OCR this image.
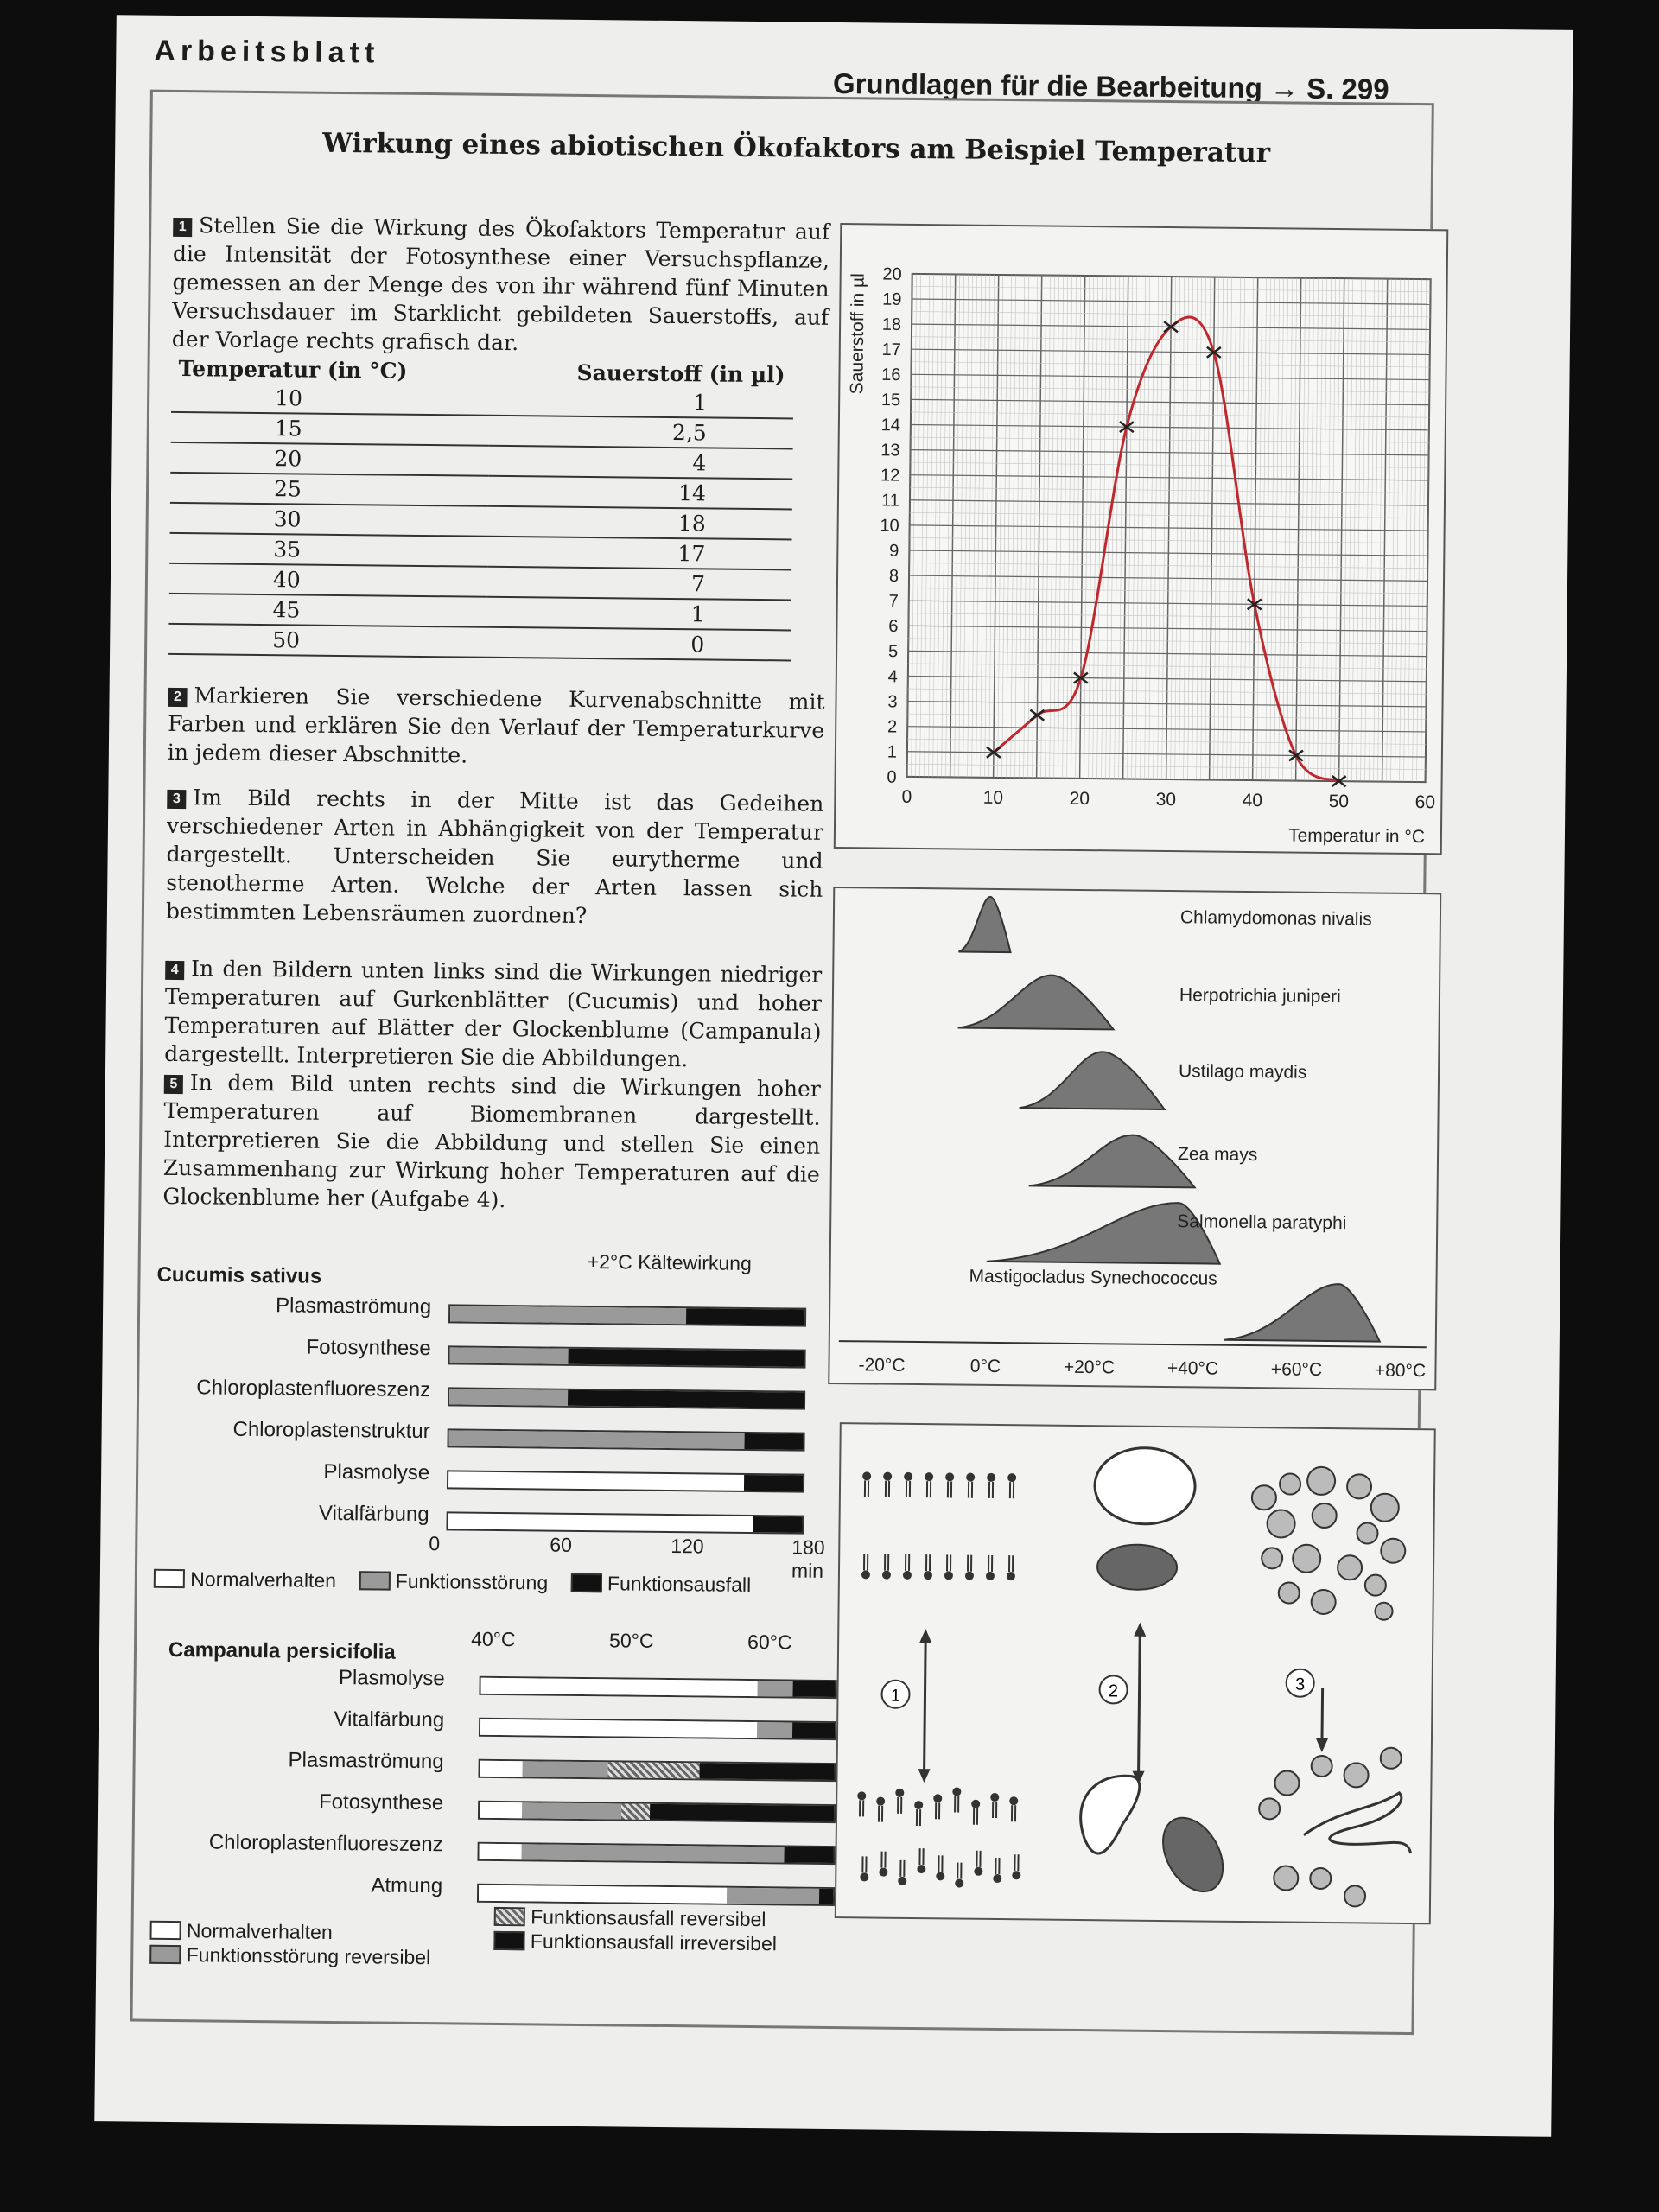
Arbeitsblatt
Grundlagen für die Bearbeitung → S. 299
Wirkung eines abiotischen Ökofaktors am Beispiel Temperatur
1 Stellen Sie die Wirkung des Ökofaktors Temperatur auf die Intensität der Fotosynthese einer Versuchspflanze, gemessen an der Menge des von ihr während fünf Minuten Versuchsdauer im Starklicht gebildeten Sauerstoffs, auf der Vorlage rechts grafisch dar.
Temperatur (in °C)	Sauerstoff (in µl)
10	1
15	2,5
20	4
25	14
30	18
35	17
40	7
45	1
50	0
2 Markieren Sie verschiedene Kurvenabschnitte mit Farben und erklären Sie den Verlauf der Temperaturkurve in jedem dieser Abschnitte.
3 Im Bild rechts in der Mitte ist das Gedeihen verschiedener Arten in Abhängigkeit von der Temperatur dargestellt. Unterscheiden Sie eurytherme und stenotherme Arten. Welche der Arten lassen sich bestimmten Lebensräumen zuordnen?
4 In den Bildern unten links sind die Wirkungen niedriger Temperaturen auf Gurkenblätter (Cucumis) und hoher Temperaturen auf Blätter der Glockenblume (Campanula) dargestellt. Interpretieren Sie die Abbildungen.
5 In dem Bild unten rechts sind die Wirkungen hoher Temperaturen auf Biomembranen dargestellt. Interpretieren Sie die Abbildung und stellen Sie einen Zusammenhang zur Wirkung hoher Temperaturen auf die Glockenblume her (Aufgabe 4).
0
1
2
3
4
5
6
7
8
9
10
11
12
13
14
15
16
17
18
19
20
0	10	20	30	40	50	60
Temperatur in °C
Sauerstoff in µl
-20°C	0°C	+20°C	+40°C	+60°C	+80°C
Chlamydomonas nivalis
Herpotrichia juniperi
Ustilago maydis
Zea mays
Salmonella paratyphi
Mastigocladus Synechococcus
Cucumis sativus
+2°C Kältewirkung
Plasmaströmung
Fotosynthese
Chloroplastenfluoreszenz
Chloroplastenstruktur
Plasmolyse
Vitalfärbung
0	60	120	180 min
Normalverhalten	Funktionsstörung	Funktionsausfall
Campanula persicifolia	40°C	50°C	60°C
Plasmolyse
Vitalfärbung
Plasmaströmung
Fotosynthese
Chloroplastenfluoreszenz
Atmung
Normalverhalten
Funktionsstörung reversibel
Funktionsausfall reversibel
Funktionsausfall irreversibel
1	2	3
